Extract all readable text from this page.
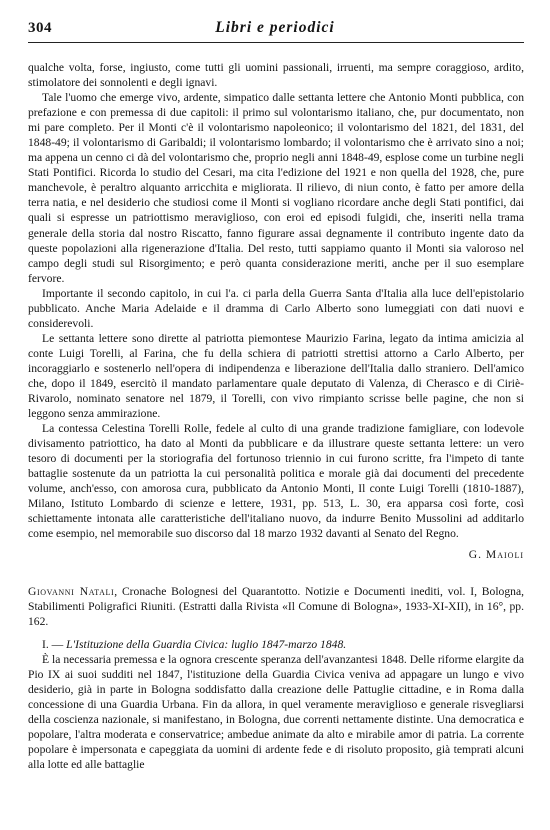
304	Libri e periodici

qualche volta, forse, ingiusto, come tutti gli uomini passionali, irruenti, ma sempre coraggioso, ardito, stimolatore dei sonnolenti e degli ignavi.

Tale l'uomo che emerge vivo, ardente, simpatico dalle settanta lettere che Antonio Monti pubblica, con prefazione e con premessa di due capitoli: il primo sul volontarismo italiano, che, pur documentato, non mi pare completo. Per il Monti c'è il volontarismo napoleonico; il volontarismo del 1821, del 1831, del 1848-49; il volontarismo di Garibaldi; il volontarismo lombardo; il volontarismo che è arrivato sino a noi; ma appena un cenno ci dà del volontarismo che, proprio negli anni 1848-49, esplose come un turbine negli Stati Pontifici. Ricorda lo studio del Cesari, ma cita l'edizione del 1921 e non quella del 1928, che, pure manchevole, è peraltro alquanto arricchita e migliorata. Il rilievo, di niun conto, è fatto per amore della terra natia, e nel desiderio che studiosi come il Monti si vogliano ricordare anche degli Stati pontifici, dai quali si espresse un patriottismo meraviglioso, con eroi ed episodi fulgidi, che, inseriti nella trama generale della storia dal nostro Riscatto, fanno figurare assai degnamente il contributo ingente dato da queste popolazioni alla rigenerazione d'Italia. Del resto, tutti sappiamo quanto il Monti sia valoroso nel campo degli studi sul Risorgimento; e però quanta considerazione meriti, anche per il suo esemplare fervore.

Importante il secondo capitolo, in cui l'a. ci parla della Guerra Santa d'Italia alla luce dell'epistolario pubblicato. Anche Maria Adelaide e il dramma di Carlo Alberto sono lumeggiati con dati nuovi e considerevoli.

Le settanta lettere sono dirette al patriotta piemontese Maurizio Farina, legato da intima amicizia al conte Luigi Torelli, al Farina, che fu della schiera di patriotti strettisi attorno a Carlo Alberto, per incoraggiarlo e sostenerlo nell'opera di indipendenza e liberazione dell'Italia dallo straniero. Dell'amico che, dopo il 1849, esercitò il mandato parlamentare quale deputato di Valenza, di Cherasco e di Ciriè-Rivarolo, nominato senatore nel 1879, il Torelli, con vivo rimpianto scrisse belle pagine, che non si leggono senza ammirazione.

La contessa Celestina Torelli Rolle, fedele al culto di una grande tradizione famigliare, con lodevole divisamento patriottico, ha dato al Monti da pubblicare e da illustrare queste settanta lettere: un vero tesoro di documenti per la storiografia del fortunoso triennio in cui furono scritte, fra l'impeto di tante battaglie sostenute da un patriotta la cui personalità politica e morale già dai documenti del precedente volume, anch'esso, con amorosa cura, pubblicato da Antonio Monti, Il conte Luigi Torelli (1810-1887), Milano, Istituto Lombardo di scienze e lettere, 1931, pp. 513, L. 30, era apparsa così forte, così schiettamente intonata alle caratteristiche dell'italiano nuovo, da indurre Benito Mussolini ad additarlo come esempio, nel memorabile suo discorso dal 18 marzo 1932 davanti al Senato del Regno.

G. Maioli

Giovanni Natali, Cronache Bolognesi del Quarantotto. Notizie e Documenti inediti, vol. I, Bologna, Stabilimenti Poligrafici Riuniti. (Estratti dalla Rivista «Il Comune di Bologna», 1933-XI-XII), in 16°, pp. 162.

I. — L'Istituzione della Guardia Civica: luglio 1847-marzo 1848.

È la necessaria premessa e la ognora crescente speranza dell'avanzantesi 1848. Delle riforme elargite da Pio IX ai suoi sudditi nel 1847, l'istituzione della Guardia Civica veniva ad appagare un lungo e vivo desiderio, già in parte in Bologna soddisfatto dalla creazione delle Pattuglie cittadine, e in Roma dalla concessione di una Guardia Urbana. Fin da allora, in quel veramente meraviglioso e generale risvegliarsi della coscienza nazionale, si manifestano, in Bologna, due correnti nettamente distinte. Una democratica e popolare, l'altra moderata e conservatrice; ambedue animate da alto e mirabile amor di patria. La corrente popolare è impersonata e capeggiata da uomini di ardente fede e di risoluto proposito, già temprati alcuni alla lotte ed alle battaglie
